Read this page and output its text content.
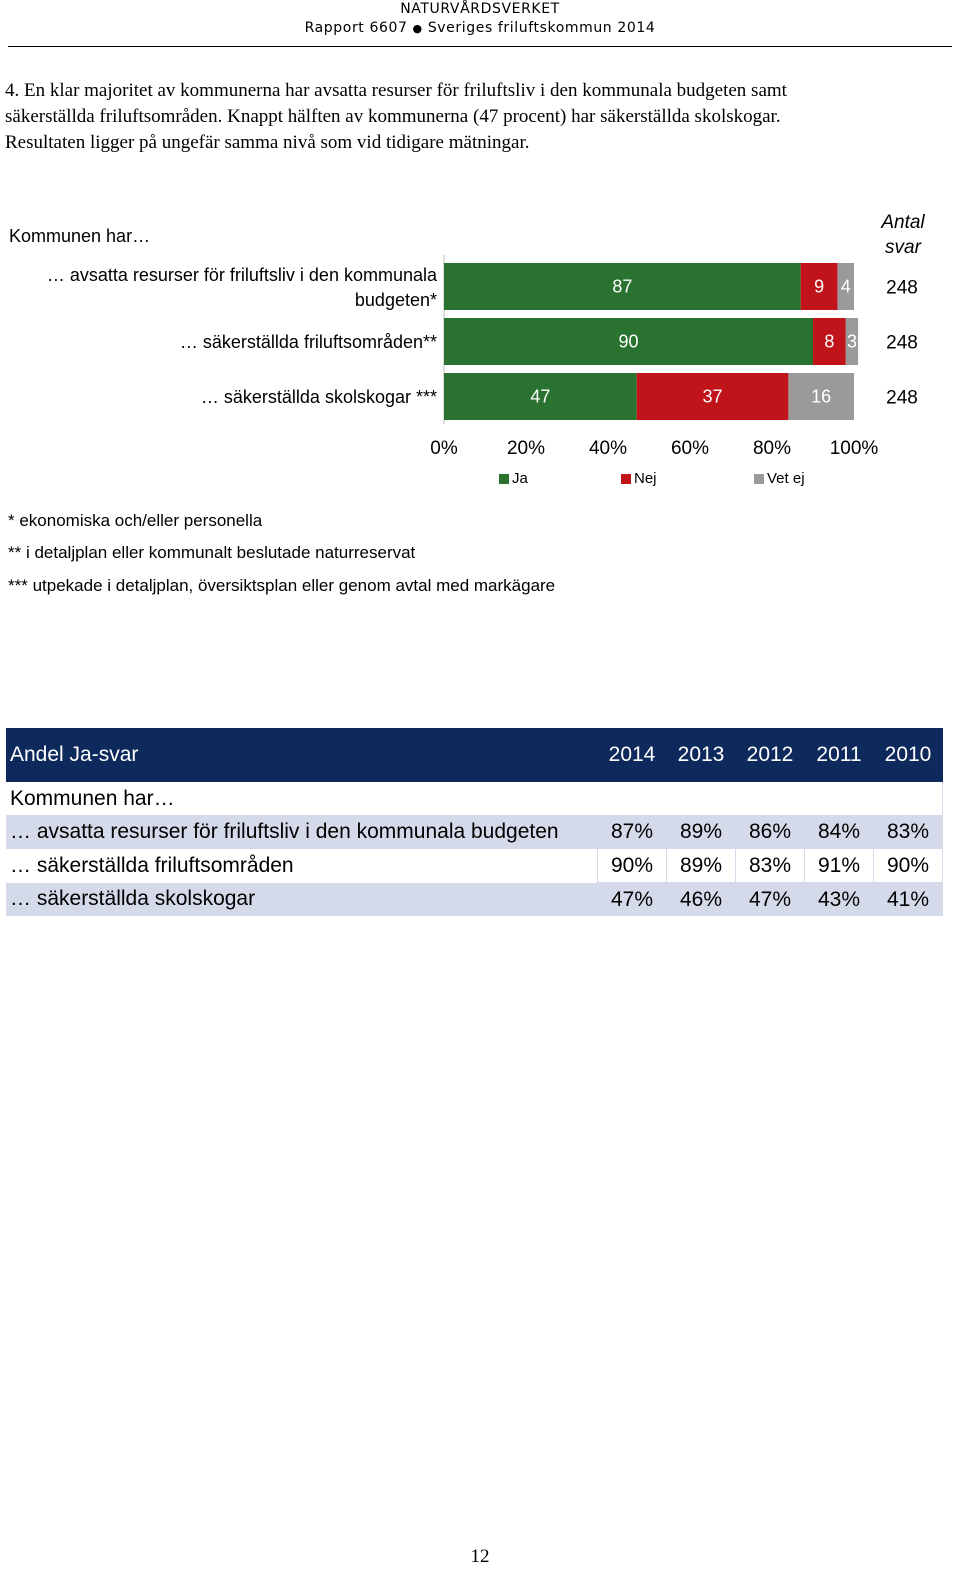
NATURVÅRDSVERKET
Rapport 6607 ● Sveriges friluftskommun 2014
4. En klar majoritet av kommunerna har avsatta resurser för friluftsliv i den kommunala budgeten samt
säkerställda friluftsområden. Knappt hälften av kommunerna (47 procent) har säkerställda skolskogar.
Resultaten ligger på ungefär samma nivå som vid tidigare mätningar.
Kommunen har…
Antal
svar
… avsatta resurser för friluftsliv i den kommunala
budgeten*
… säkerställda friluftsområden**
… säkerställda skolskogar ***
87	9 4 248
90	8 3 248
47	37	16	248
0%	20% 40% 60% 80% 100%
Ja	Nej	Vet ej
* ekonomiska och/eller personella
** i detaljplan eller kommunalt beslutade naturreservat
*** utpekade i detaljplan, översiktsplan eller genom avtal med markägare
Andel Ja-svar	2014	2013	2012	2011	2010
Kommunen har…					
… avsatta resurser för friluftsliv i den kommunala budgeten	87%	89%	86%	84%	83%
… säkerställda friluftsområden	90%	89%	83%	91%	90%
… säkerställda skolskogar	47%	46%	47%	43%	41%
12
